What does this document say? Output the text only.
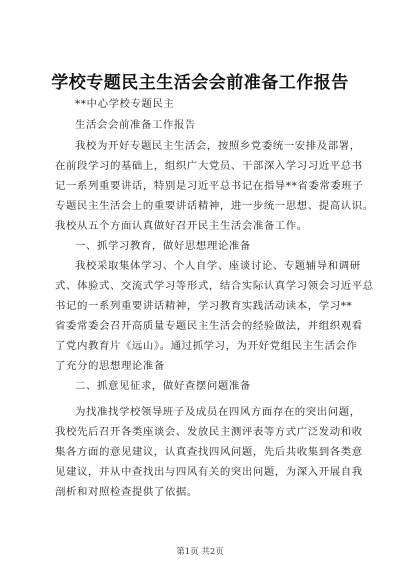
学校专题民主生活会会前准备工作报告
**中心学校专题民主
生活会会前准备工作报告
我校为开好专题民主生活会，按照乡党委统一安排及部署，
在前段学习的基础上，组织广大党员、干部深入学习习近平总书
记一系列重要讲话，特别是习近平总书记在指导**省委常委班子
专题民主生活会上的重要讲话精神，进一步统一思想、提高认识。
我校从五个方面认真做好召开民主生活会准备工作。
一、抓学习教育，做好思想理论准备
我校采取集体学习、个人自学、座谈讨论、专题辅导和调研
式、体验式、交流式学习等形式，结合实际认真学习领会习近平总
书记的一系列重要讲话精神，学习教育实践活动读本，学习**
省委常委会召开高质量专题民主生活会的经验做法，并组织观看
了党内教育片《远山》。通过抓学习，为开好党组民主生活会作
了充分的思想理论准备
二、抓意见征求，做好查摆问题准备
为找准找学校领导班子及成员在四风方面存在的突出问题，
我校先后召开各类座谈会、发放民主测评表等方式广泛发动和收
集各方面的意见建议，认真查找四风问题，先后共收集到各类意
见建议，并从中查找出与四风有关的突出问题，为深入开展自我
剖析和对照检查提供了依据。
第1页 共2页
